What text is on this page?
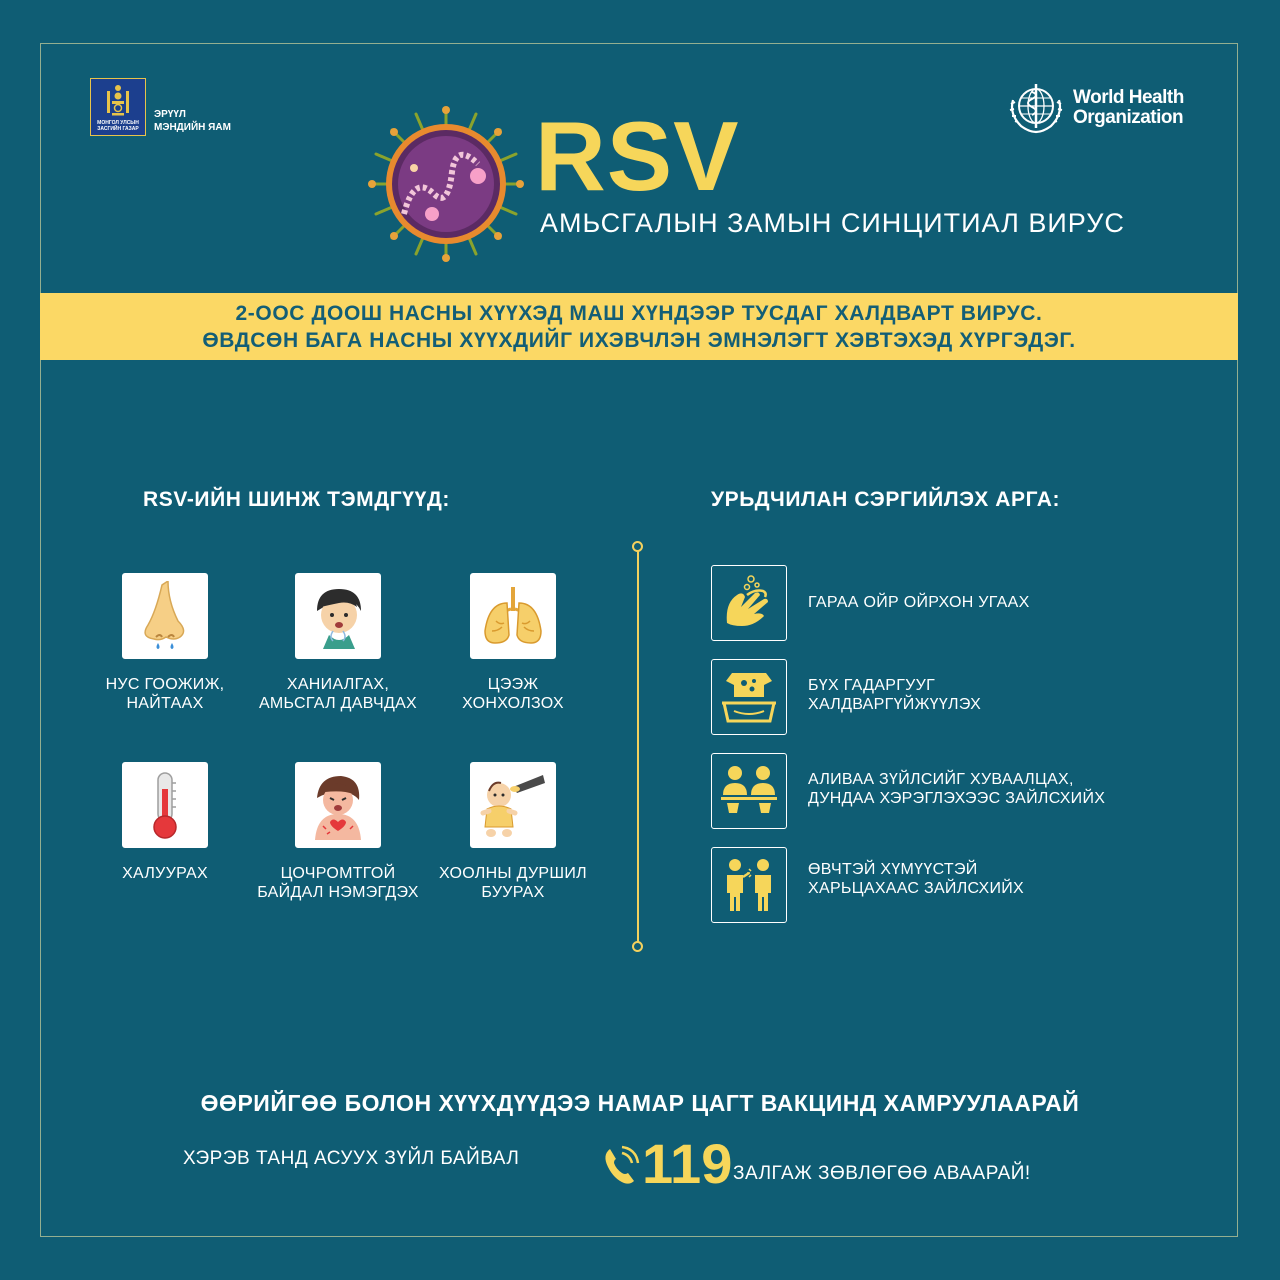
МОНГОЛ УЛСЫН
ЗАСГИЙН ГАЗАР
ЭРҮҮЛ
МЭНДИЙН ЯАМ
World Health
Organization
RSV
АМЬСГАЛЫН ЗАМЫН СИНЦИТИАЛ ВИРУС
2-ООС ДООШ НАСНЫ ХҮҮХЭД МАШ ХҮНДЭЭР ТУСДАГ ХАЛДВАРТ ВИРУС.
ӨВДСӨН БАГА НАСНЫ ХҮҮХДИЙГ ИХЭВЧЛЭН ЭМНЭЛЭГТ ХЭВТЭХЭД ХҮРГЭДЭГ.
RSV-ИЙН ШИНЖ ТЭМДГҮҮД:
НУС ГООЖИЖ,
НАЙТААХ
ХАНИАЛГАХ,
АМЬСГАЛ ДАВЧДАХ
ЦЭЭЖ
ХОНХОЛЗОХ
ХАЛУУРАХ	ЦОЧРОМТГОЙ
БАЙДАЛ НЭМЭГДЭХ
ХООЛНЫ ДУРШИЛ
БУУРАХ
УРЬДЧИЛАН СЭРГИЙЛЭХ АРГА:
ГАРАА ОЙР ОЙРХОН УГААХ
БҮХ ГАДАРГУУГ
ХАЛДВАРГҮЙЖҮҮЛЭХ
АЛИВАА ЗҮЙЛСИЙГ ХУВААЛЦАХ,
ДУНДАА ХЭРЭГЛЭХЭЭС ЗАЙЛСХИЙХ
ӨВЧТЭЙ ХҮМҮҮСТЭЙ
ХАРЬЦАХААС ЗАЙЛСХИЙХ
ӨӨРИЙГӨӨ БОЛОН ХҮҮХДҮҮДЭЭ НАМАР ЦАГТ ВАКЦИНД ХАМРУУЛААРАЙ
ХЭРЭВ ТАНД АСУУХ ЗҮЙЛ БАЙВАЛ 119 ЗАЛГАЖ ЗӨВЛӨГӨӨ АВААРАЙ!
